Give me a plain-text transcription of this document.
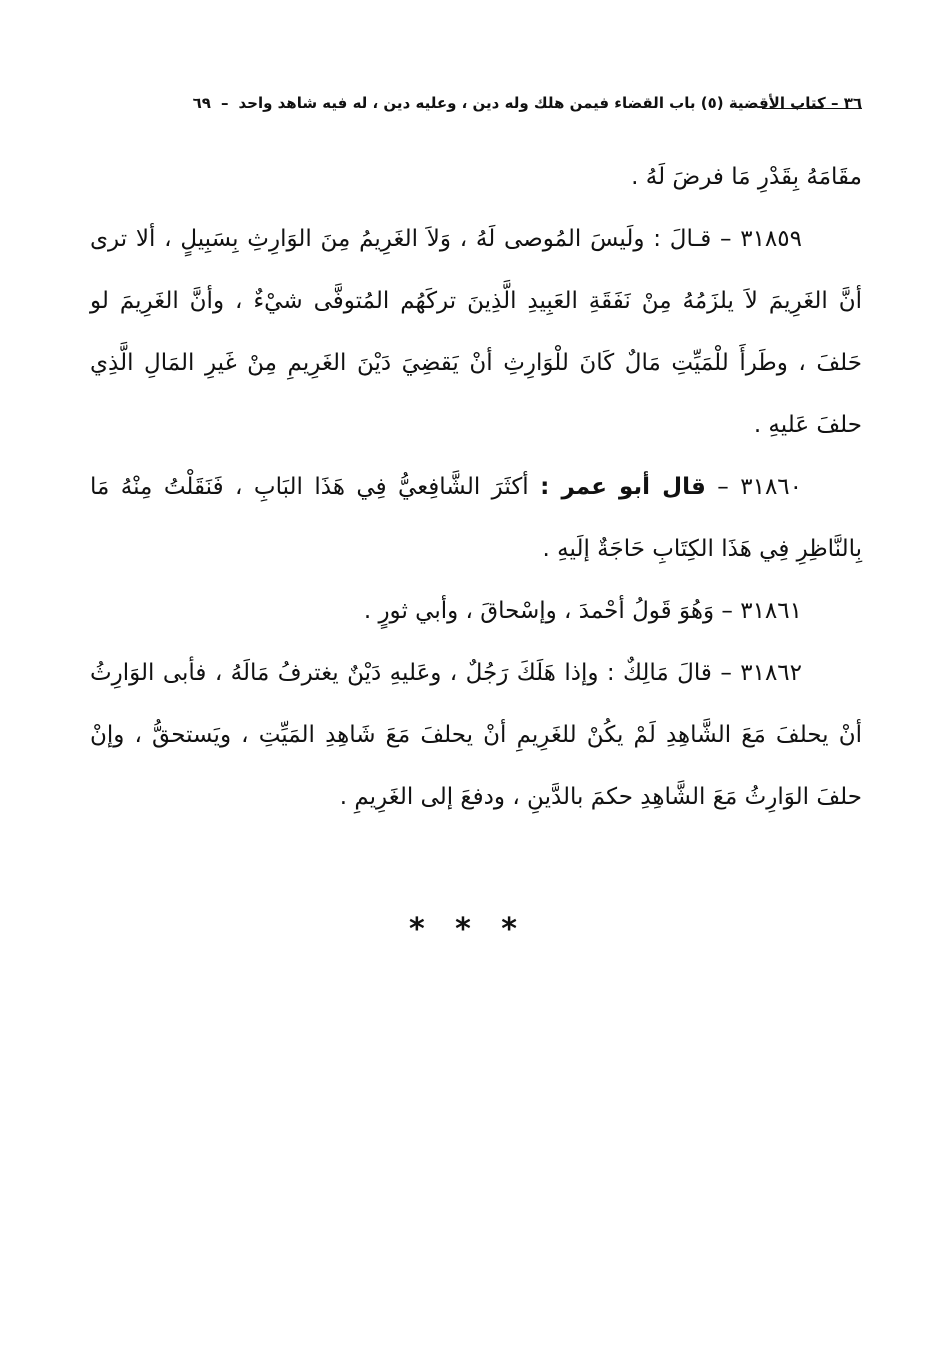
٣٦ – كتاب الأقضية (٥) باب القضاء فيمن هلك وله دين ، وعليه دين ، له فيه شاهد واحد
–
٦٩

مقَامَهُ بِقَدْرِ مَا فرضَ لَهُ .

٣١٨٥٩ – قـالَ : ولَيسَ المُوصى لَهُ ، وَلاَ الغَرِيمُ مِنَ الوَارِثِ بِسَبِيلٍ ، ألا ترى أنَّ الغَرِيمَ لاَ يلزَمُهُ مِنْ نَفَقَةِ العَبِيدِ الَّذِينَ تركَهُم المُتوفَّى شيْءٌ ، وأنَّ الغَرِيمَ لو حَلفَ ، وطَرأَ للْمَيِّتِ مَالٌ كَانَ للْوَارِثِ أنْ يَقضِيَ دَيْنَ الغَرِيمِ مِنْ غَيرِ المَالِ الَّذِي حلفَ عَليهِ .

٣١٨٦٠ – قال أبو عمر : أكثَرَ الشَّافِعيُّ فِي هَذَا البَابِ ، فَنَقَلْتُ مِنْهُ مَا بِالنَّاظِرِ فِي هَذَا الكِتَابِ حَاجَةٌ إلَيهِ .

٣١٨٦١ – وَهُوَ قَولُ أحْمدَ ، وإسْحاقَ ، وأبي ثورٍ .

٣١٨٦٢ – قالَ مَالِكٌ : وإذا هَلَكَ رَجُلٌ ، وعَليهِ دَيْنٌ يغترفُ مَالَهُ ، فأبى الوَارِثُ أنْ يحلفَ مَعَ الشَّاهِدِ لَمْ يكُنْ للغَرِيمِ أنْ يحلفَ مَعَ شَاهِدِ المَيِّتِ ، ويَستحقُّ ، وإنْ حلفَ الوَارِثُ مَعَ الشَّاهِدِ حكمَ بالدَّينِ ، ودفعَ إلى الغَرِيمِ .

* * *
